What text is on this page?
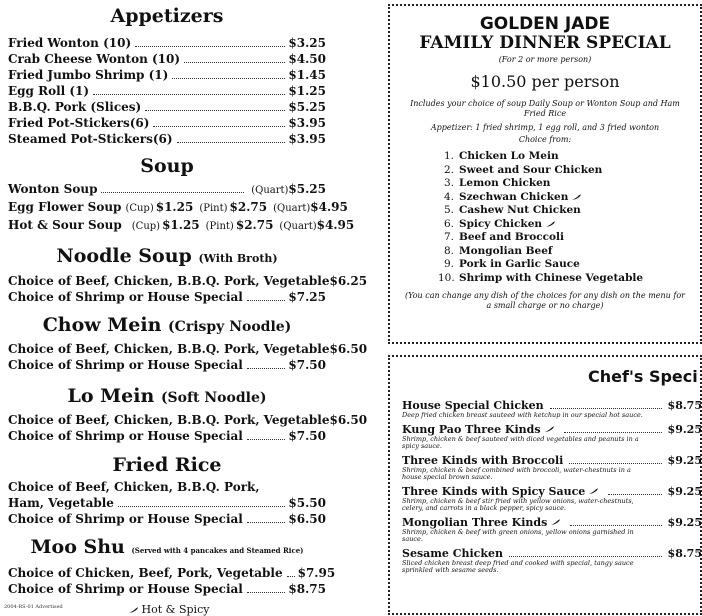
Appetizers
Fried Wonton (10)	$3.25
Crab Cheese Wonton (10)	$4.50
Fried Jumbo Shrimp (1)	$1.45
Egg Roll (1)	$1.25
B.B.Q. Pork (Slices)	$5.25
Fried Pot-Stickers(6)	$3.95
Steamed Pot-Stickers(6)	$3.95
Soup
Wonton Soup	(Quart) $5.25
Egg Flower Soup (Cup) $1.25 (Pint) $2.75 (Quart) $4.95
Hot & Sour Soup (Cup) $1.25 (Pint) $2.75 (Quart) $4.95
Noodle Soup (With Broth)
Choice of Beef, Chicken, B.B.Q. Pork, Vegetable $6.25
Choice of Shrimp or House Special	$7.25
Chow Mein (Crispy Noodle)
Choice of Beef, Chicken, B.B.Q. Pork, Vegetable $6.50
Choice of Shrimp or House Special	$7.50
Lo Mein (Soft Noodle)
Choice of Beef, Chicken, B.B.Q. Pork, Vegetable $6.50
Choice of Shrimp or House Special	$7.50
Fried Rice
Choice of Beef, Chicken, B.B.Q. Pork,
Ham, Vegetable	$5.50
Choice of Shrimp or House Special	$6.50
Moo Shu (Served with 4 pancakes and Steamed Rice)
Choice of Chicken, Beef, Pork, Vegetable $7.95
Choice of Shrimp or House Special	$8.75
Hot & Spicy
2004-RS-01 Advertised
GOLDEN JADE
FAMILY DINNER SPECIAL
(For 2 or more person)
$10.50 per person
Includes your choice of soup Daily Soup or Wonton Soup and Ham Fried Rice
Appetizer: 1 fried shrimp, 1 egg roll, and 3 fried wonton
Choice from:
1. Chicken Lo Mein
2. Sweet and Sour Chicken
3. Lemon Chicken
4. Szechwan Chicken
5. Cashew Nut Chicken
6. Spicy Chicken
7. Beef and Broccoli
8. Mongolian Beef
9. Pork in Garlic Sauce
10. Shrimp with Chinese Vegetable
(You can change any dish of the choices for any dish on the menu for a small charge or no charge)
Chef's Speci
House Special Chicken	$8.75
Deep fried chicken breast sauteed with ketchup in our special hot sauce.
Kung Pao Three Kinds	$9.25
Shrimp, chicken & beef sauteed with diced vegetables and peanuts in a spicy sauce.
Three Kinds with Broccoli	$9.25
Shrimp, chicken & beef combined with broccoli, water-chestnuts in a house special brown sauce.
Three Kinds with Spicy Sauce	$9.25
Shrimp, chicken & beef stir fried with yellow onions, water-chestnuts, celery, and carrots in a black pepper, spicy sauce.
Mongolian Three Kinds	$9.25
Shrimp, chicken & beef with green onions, yellow onions garnished in sauce.
Sesame Chicken	$8.75
Sliced chicken breast deep fried and cooked with special, tangy sauce sprinkled with sesame seeds.
